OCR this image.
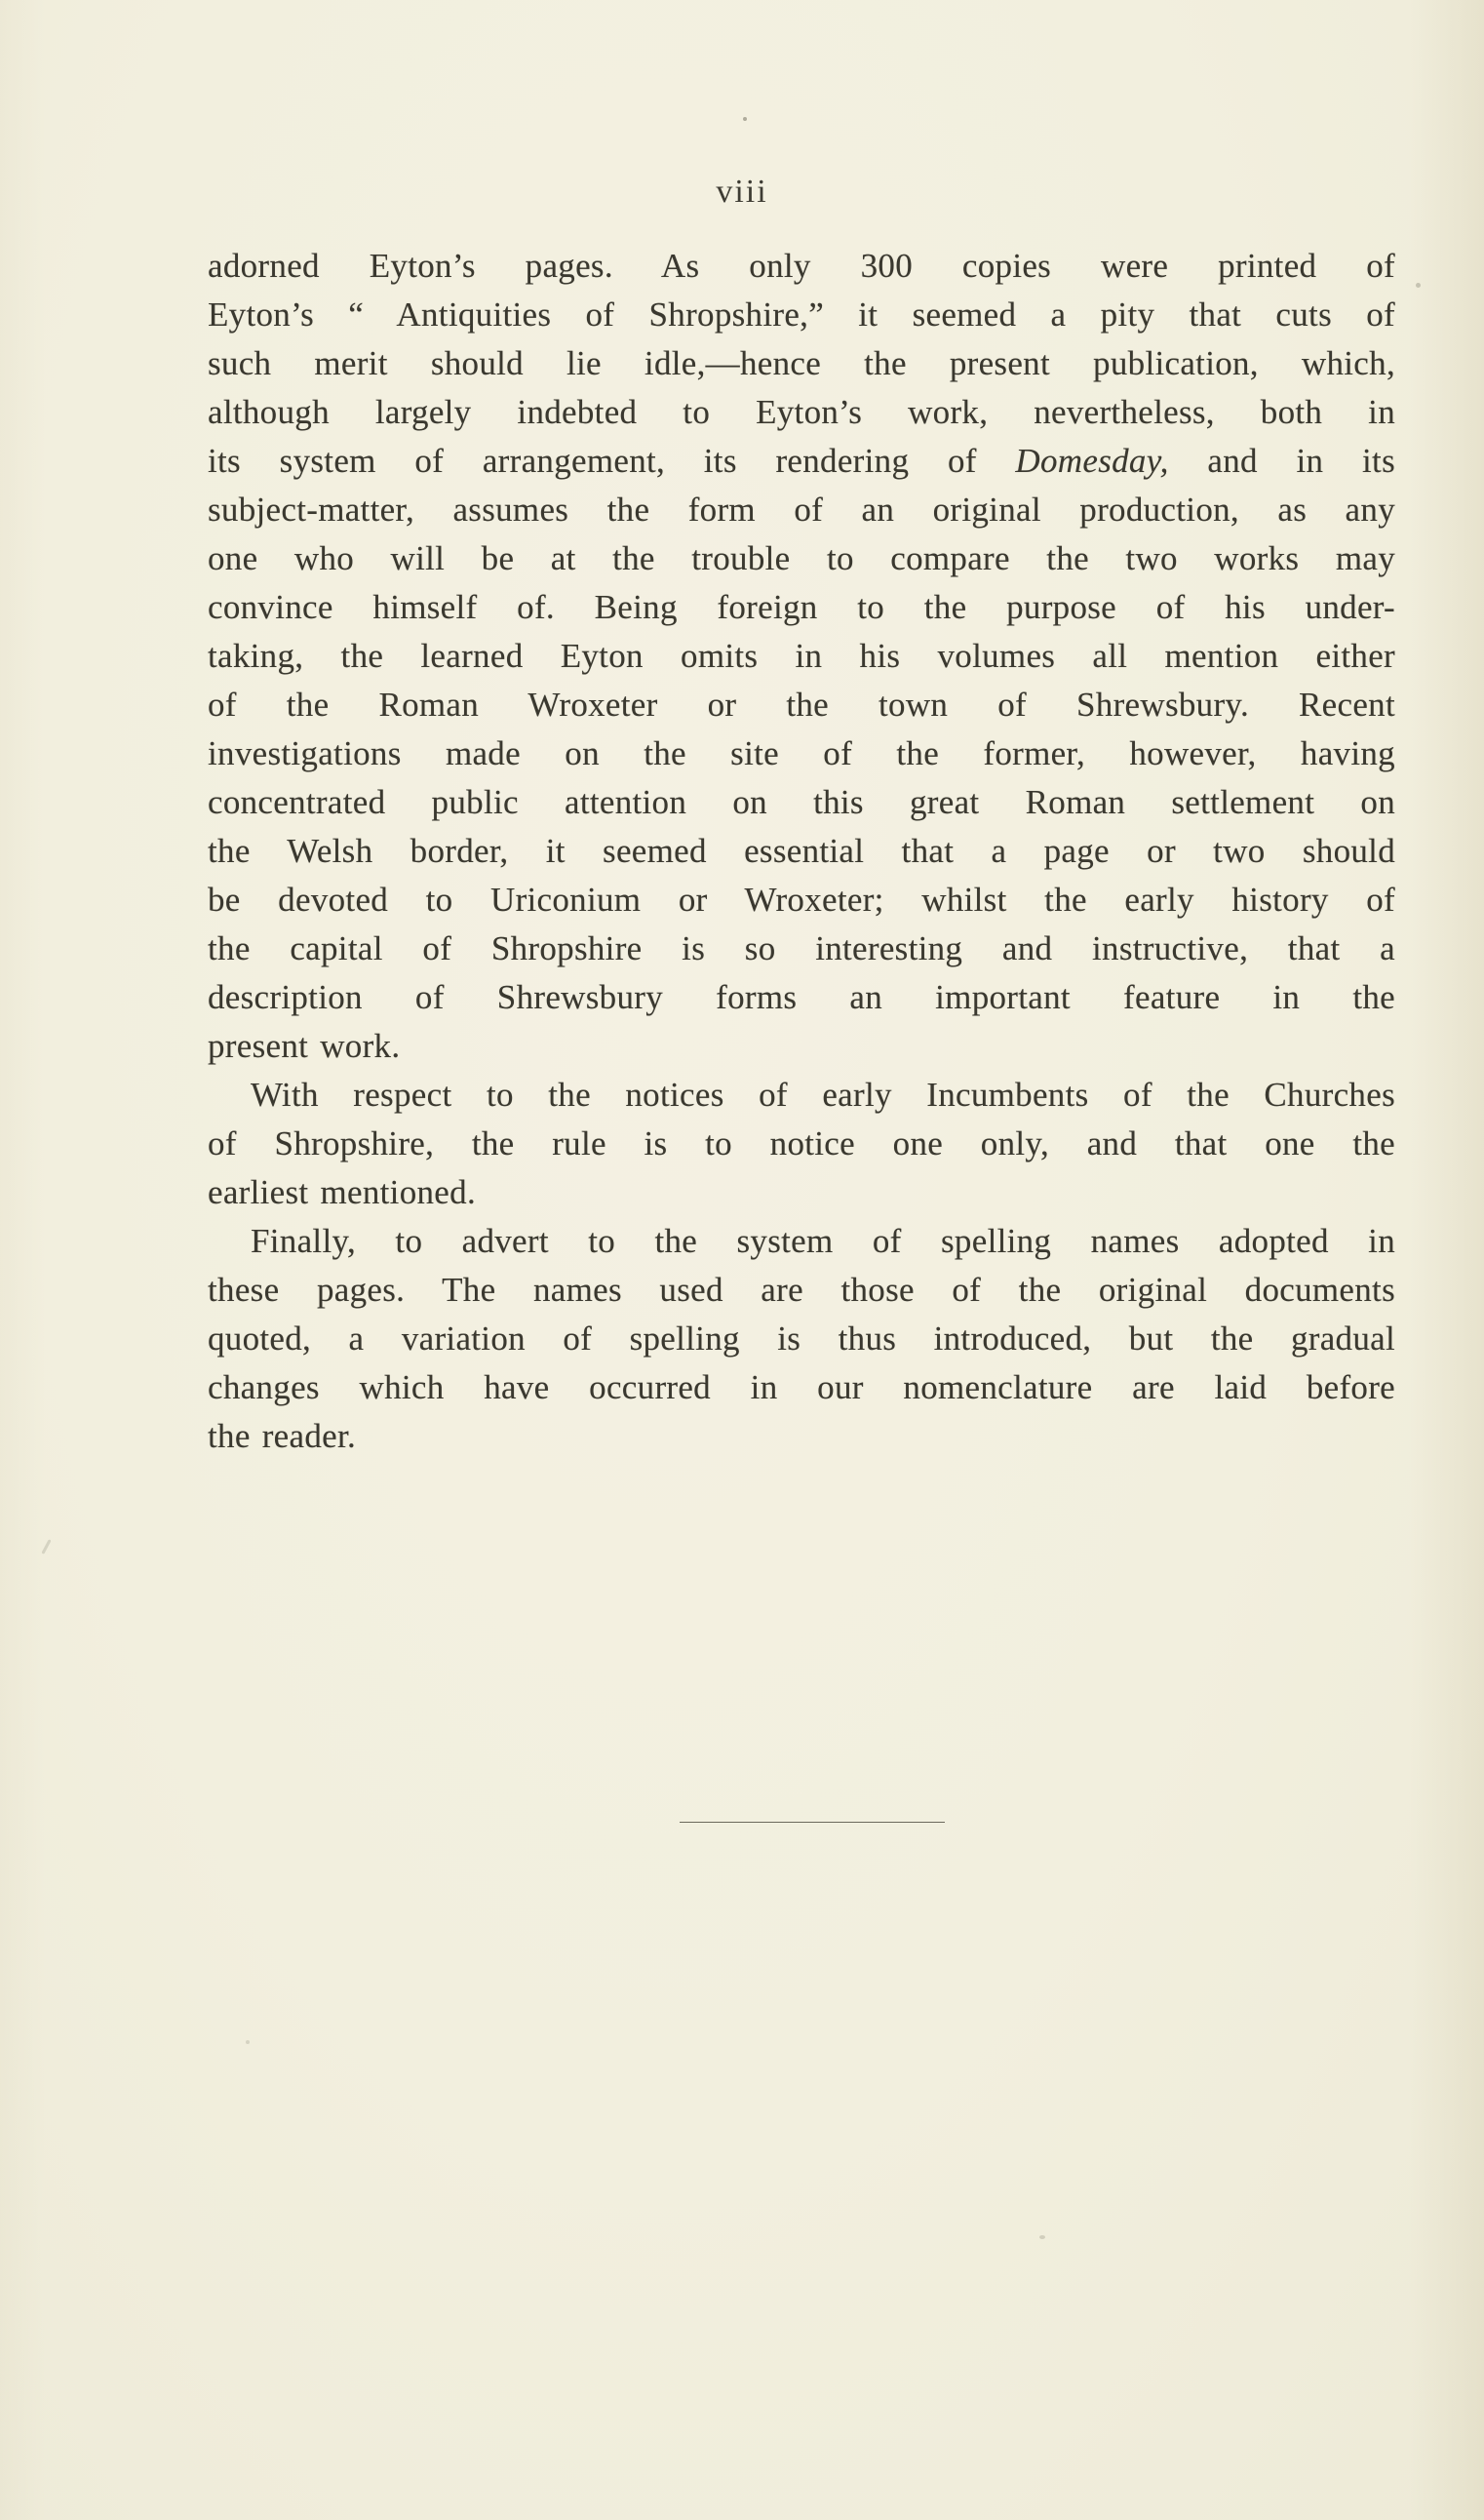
viii
adorned Eyton’s pages. As only 300 copies were printed of
Eyton’s “ Antiquities of Shropshire,” it seemed a pity that cuts of
such merit should lie idle,—hence the present publication, which,
although largely indebted to Eyton’s work, nevertheless, both in
its system of arrangement, its rendering of Domesday, and in its
subject-matter, assumes the form of an original production, as any
one who will be at the trouble to compare the two works may
convince himself of. Being foreign to the purpose of his under-
taking, the learned Eyton omits in his volumes all mention either
of the Roman Wroxeter or the town of Shrewsbury. Recent
investigations made on the site of the former, however, having
concentrated public attention on this great Roman settlement on
the Welsh border, it seemed essential that a page or two should
be devoted to Uriconium or Wroxeter; whilst the early history of
the capital of Shropshire is so interesting and instructive, that a
description of Shrewsbury forms an important feature in the
present work.
With respect to the notices of early Incumbents of the Churches
of Shropshire, the rule is to notice one only, and that one the
earliest mentioned.
Finally, to advert to the system of spelling names adopted in
these pages. The names used are those of the original documents
quoted, a variation of spelling is thus introduced, but the gradual
changes which have occurred in our nomenclature are laid before
the reader.
